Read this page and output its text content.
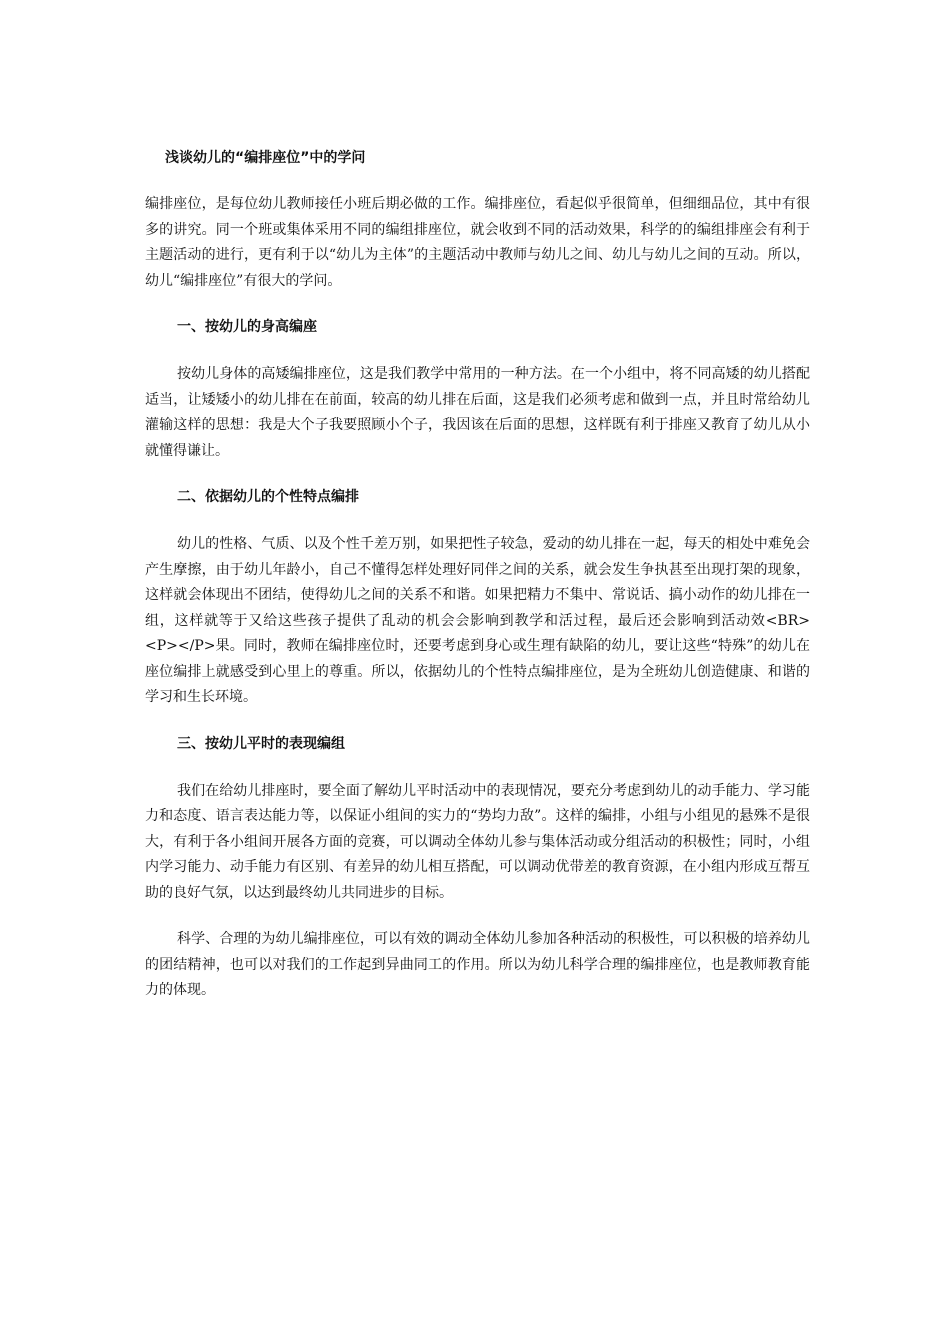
浅谈幼儿的“编排座位”中的学问

编排座位，是每位幼儿教师接任小班后期必做的工作。编排座位，看起似乎很简单，但细细品位，其中有很多的讲究。同一个班或集体采用不同的编组排座位，就会收到不同的活动效果，科学的的编组排座会有利于主题活动的进行，更有利于以“幼儿为主体”的主题活动中教师与幼儿之间、幼儿与幼儿之间的互动。所以，幼儿“编排座位”有很大的学问。

一、按幼儿的身高编座

按幼儿身体的高矮编排座位，这是我们教学中常用的一种方法。在一个小组中，将不同高矮的幼儿搭配适当，让矮矮小的幼儿排在在前面，较高的幼儿排在后面，这是我们必须考虑和做到一点，并且时常给幼儿灌输这样的思想：我是大个子我要照顾小个子，我因该在后面的思想，这样既有利于排座又教育了幼儿从小就懂得谦让。

二、依据幼儿的个性特点编排

幼儿的性格、气质、以及个性千差万别，如果把性子较急，爱动的幼儿排在一起，每天的相处中难免会产生摩擦，由于幼儿年龄小，自己不懂得怎样处理好同伴之间的关系，就会发生争执甚至出现打架的现象，这样就会体现出不团结，使得幼儿之间的关系不和谐。如果把精力不集中、常说话、搞小动作的幼儿排在一组，这样就等于又给这些孩子提供了乱动的机会会影响到教学和活过程，最后还会影响到活动效<BR><P></P>果。同时，教师在编排座位时，还要考虑到身心或生理有缺陷的幼儿，要让这些“特殊”的幼儿在座位编排上就感受到心里上的尊重。所以，依据幼儿的个性特点编排座位，是为全班幼儿创造健康、和谐的学习和生长环境。

三、按幼儿平时的表现编组

我们在给幼儿排座时，要全面了解幼儿平时活动中的表现情况，要充分考虑到幼儿的动手能力、学习能力和态度、语言表达能力等，以保证小组间的实力的“势均力敌”。这样的编排，小组与小组见的悬殊不是很大，有利于各小组间开展各方面的竞赛，可以调动全体幼儿参与集体活动或分组活动的积极性；同时，小组内学习能力、动手能力有区别、有差异的幼儿相互搭配，可以调动优带差的教育资源，在小组内形成互帮互助的良好气氛，以达到最终幼儿共同进步的目标。

科学、合理的为幼儿编排座位，可以有效的调动全体幼儿参加各种活动的积极性，可以积极的培养幼儿的团结精神，也可以对我们的工作起到异曲同工的作用。所以为幼儿科学合理的编排座位，也是教师教育能力的体现。
